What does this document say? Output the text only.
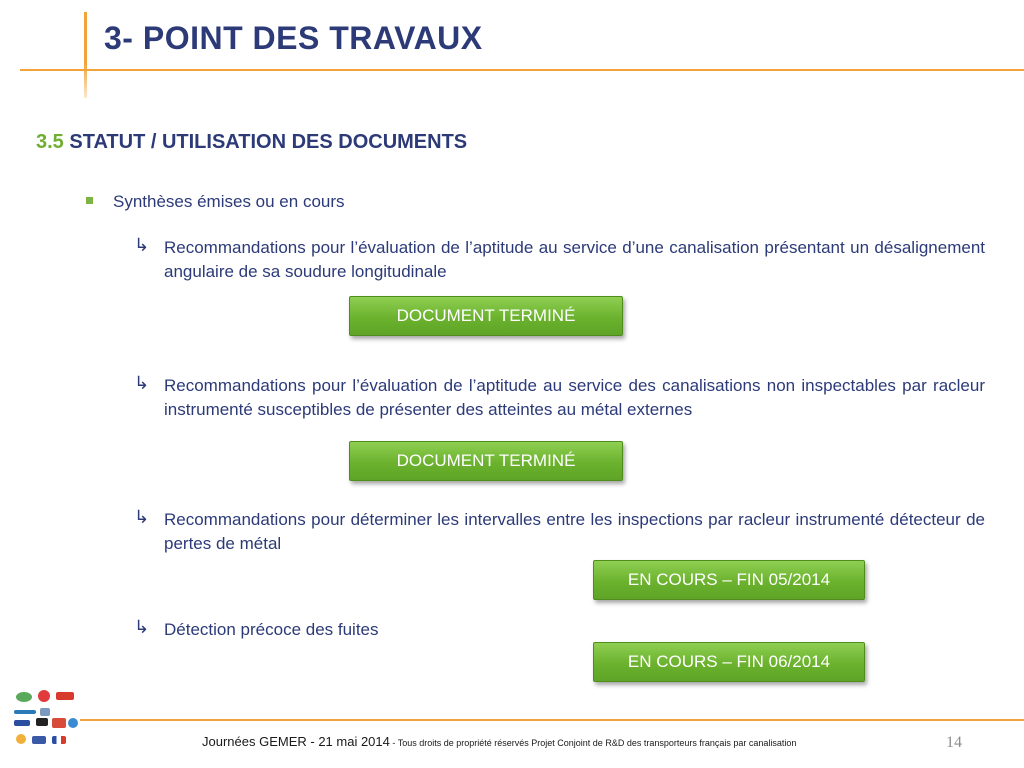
3- POINT DES TRAVAUX
3.5 STATUT / UTILISATION DES DOCUMENTS
Synthèses émises ou en cours
↳ Recommandations pour l’évaluation de l’aptitude au service d’une canalisation présentant un désalignement angulaire de sa soudure longitudinale
DOCUMENT TERMINÉ
↳ Recommandations pour l’évaluation de l’aptitude au service des canalisations non inspectables par racleur instrumenté susceptibles de présenter des atteintes au métal externes
DOCUMENT TERMINÉ
↳ Recommandations pour déterminer les intervalles entre les inspections par racleur instrumenté détecteur de pertes de métal
EN COURS – FIN 05/2014
↳ Détection précoce des fuites
EN COURS – FIN 06/2014
Journées GEMER - 21 mai 2014 - Tous droits de propriété réservés Projet Conjoint de R&D des transporteurs français par canalisation	14
